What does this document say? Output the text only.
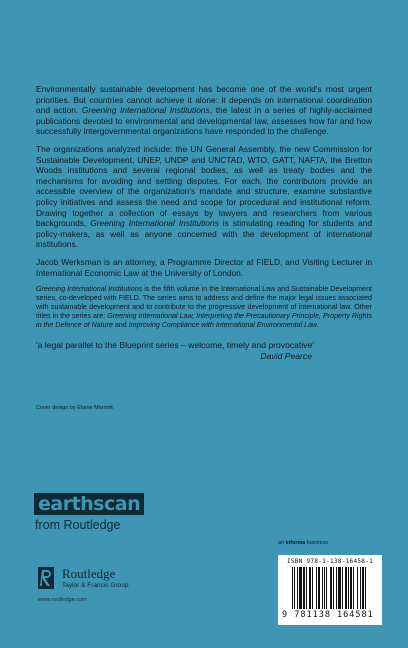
Environmentally sustainable development has become one of the world's most urgent priorities. But countries cannot achieve it alone: it depends on international coordination and action. Greening International Institutions, the latest in a series of highly-acclaimed publications devoted to environmental and developmental law, assesses how far and how successfully intergovernmental organizations have responded to the challenge.

The organizations analyzed include: the UN General Assembly, the new Commission for Sustainable Development, UNEP, UNDP and UNCTAD, WTO, GATT, NAFTA, the Bretton Woods institutions and several regional bodies, as well as treaty bodies and the mechanisms for avoiding and settling disputes. For each, the contributors provide an accessible overview of the organization's mandate and structure, examine substantive policy initiatives and assess the need and scope for procedural and institutional reform. Drawing together a collection of essays by lawyers and researchers from various backgrounds, Greening International Institutions is stimulating reading for students and policy-makers, as well as anyone concerned with the development of international institutions.

Jacob Werksman is an attorney, a Programme Director at FIELD, and Visiting Lecturer in International Economic Law at the University of London.

Greening International Institutions is the fifth volume in the International Law and Sustainable Development series, co-developed with FIELD. The series aims to address and define the major legal issues associated with sustainable development and to contribute to the progressive development of international law. Other titles in the series are: Greening International Law, Interpreting the Precautionary Principle, Property Rights in the Defence of Nature and Improving Compliance with International Environmental Law.

'a legal parallel to the Blueprint series – welcome, timely and provocative'
David Pearce
Cover design by Elaine Marriott
earthscan
from Routledge
an informa business
Routledge
Taylor & Francis Group
www.routledge.com
ISBN 978-1-138-16458-1
9 781138 164581
